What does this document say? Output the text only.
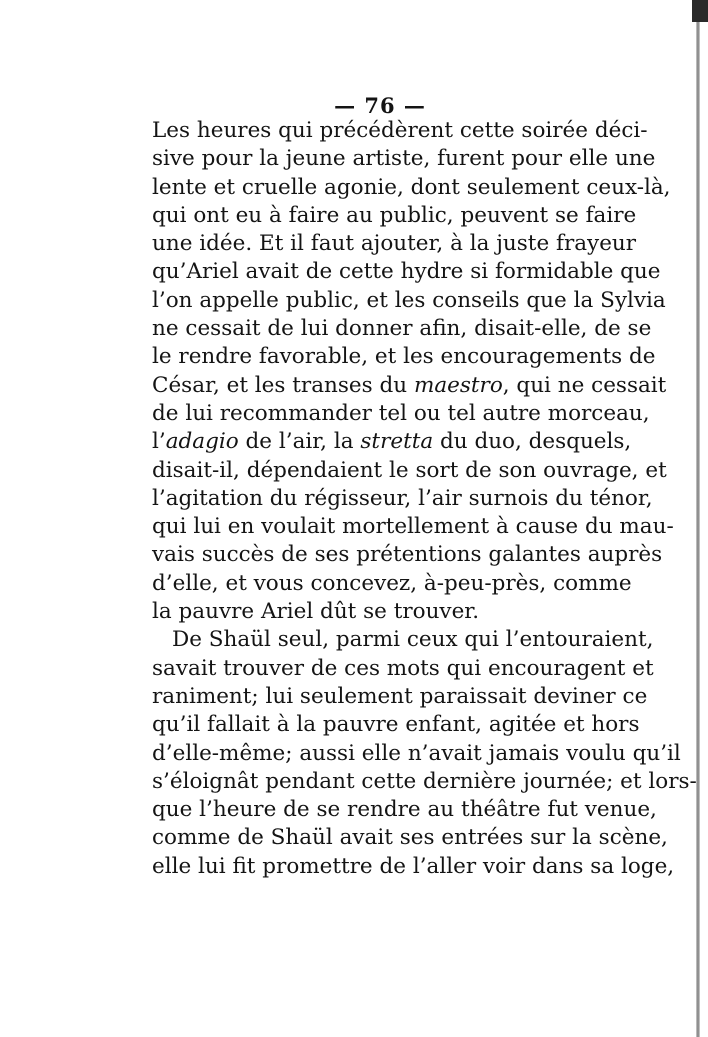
— 76 —
Les heures qui précédèrent cette soirée déci-
sive pour la jeune artiste, furent pour elle une
lente et cruelle agonie, dont seulement ceux-là,
qui ont eu à faire au public, peuvent se faire
une idée. Et il faut ajouter, à la juste frayeur
qu’Ariel avait de cette hydre si formidable que
l’on appelle public, et les conseils que la Sylvia
ne cessait de lui donner afin, disait-elle, de se
le rendre favorable, et les encouragements de
César, et les transes du maestro, qui ne cessait
de lui recommander tel ou tel autre morceau,
l’adagio de l’air, la stretta du duo, desquels,
disait-il, dépendaient le sort de son ouvrage, et
l’agitation du régisseur, l’air surnois du ténor,
qui lui en voulait mortellement à cause du mau-
vais succès de ses prétentions galantes auprès
d’elle, et vous concevez, à-peu-près, comme
la pauvre Ariel dût se trouver.
De Shaül seul, parmi ceux qui l’entouraient,
savait trouver de ces mots qui encouragent et
raniment; lui seulement paraissait deviner ce
qu’il fallait à la pauvre enfant, agitée et hors
d’elle-même; aussi elle n’avait jamais voulu qu’il
s’éloignât pendant cette dernière journée; et lors-
que l’heure de se rendre au théâtre fut venue,
comme de Shaül avait ses entrées sur la scène,
elle lui fit promettre de l’aller voir dans sa loge,
